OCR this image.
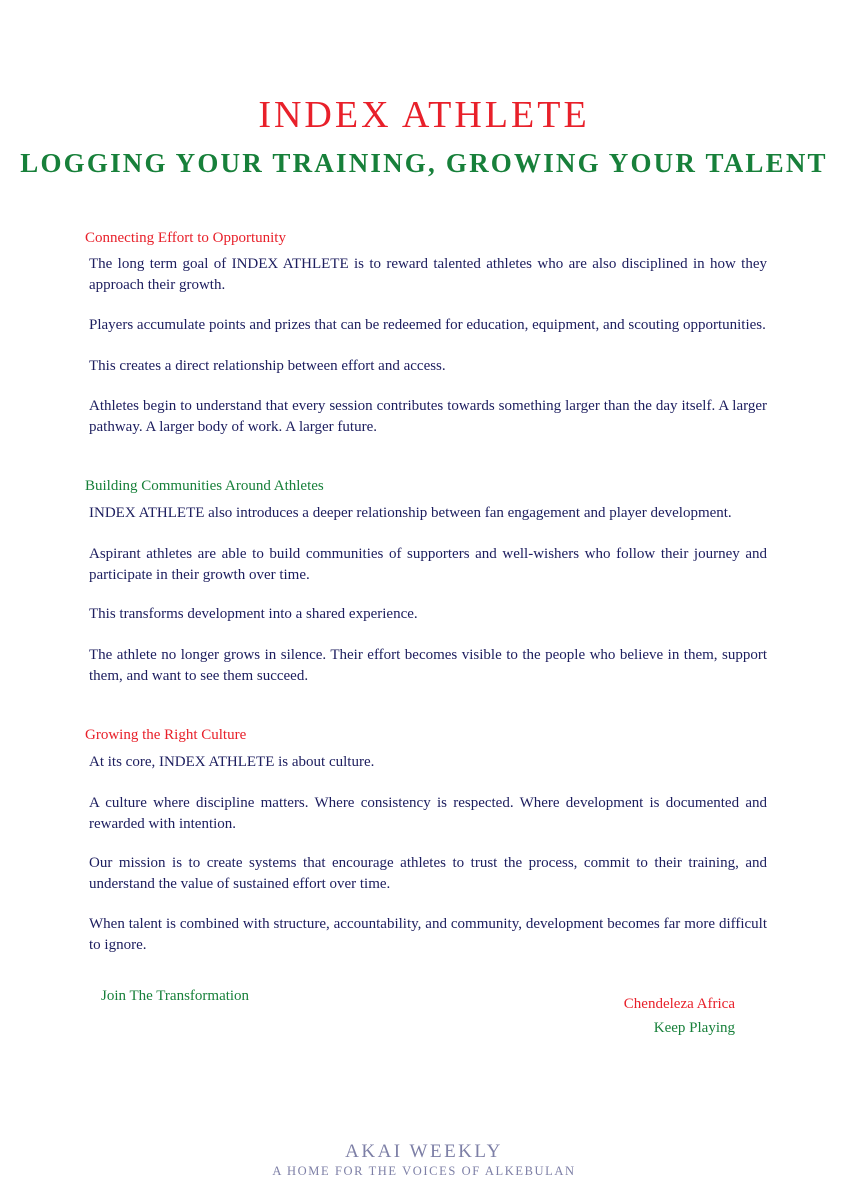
INDEX ATHLETE
LOGGING YOUR TRAINING, GROWING YOUR TALENT
Connecting Effort to Opportunity

The long term goal of INDEX ATHLETE is to reward talented athletes who are also disciplined in how they approach their growth.

Players accumulate points and prizes that can be redeemed for education, equipment, and scouting opportunities.

This creates a direct relationship between effort and access.

Athletes begin to understand that every session contributes towards something larger than the day itself. A larger pathway. A larger body of work. A larger future.

Building Communities Around Athletes

INDEX ATHLETE also introduces a deeper relationship between fan engagement and player development.

Aspirant athletes are able to build communities of supporters and well-wishers who follow their journey and participate in their growth over time.

This transforms development into a shared experience.

The athlete no longer grows in silence. Their effort becomes visible to the people who believe in them, support them, and want to see them succeed.

Growing the Right Culture

At its core, INDEX ATHLETE is about culture.

A culture where discipline matters. Where consistency is respected. Where development is documented and rewarded with intention.

Our mission is to create systems that encourage athletes to trust the process, commit to their training, and understand the value of sustained effort over time.

When talent is combined with structure, accountability, and community, development becomes far more difficult to ignore.

Join The Transformation	Chendeleza Africa

Keep Playing

AKAI WEEKLY

A HOME FOR THE VOICES OF ALKEBULAN
